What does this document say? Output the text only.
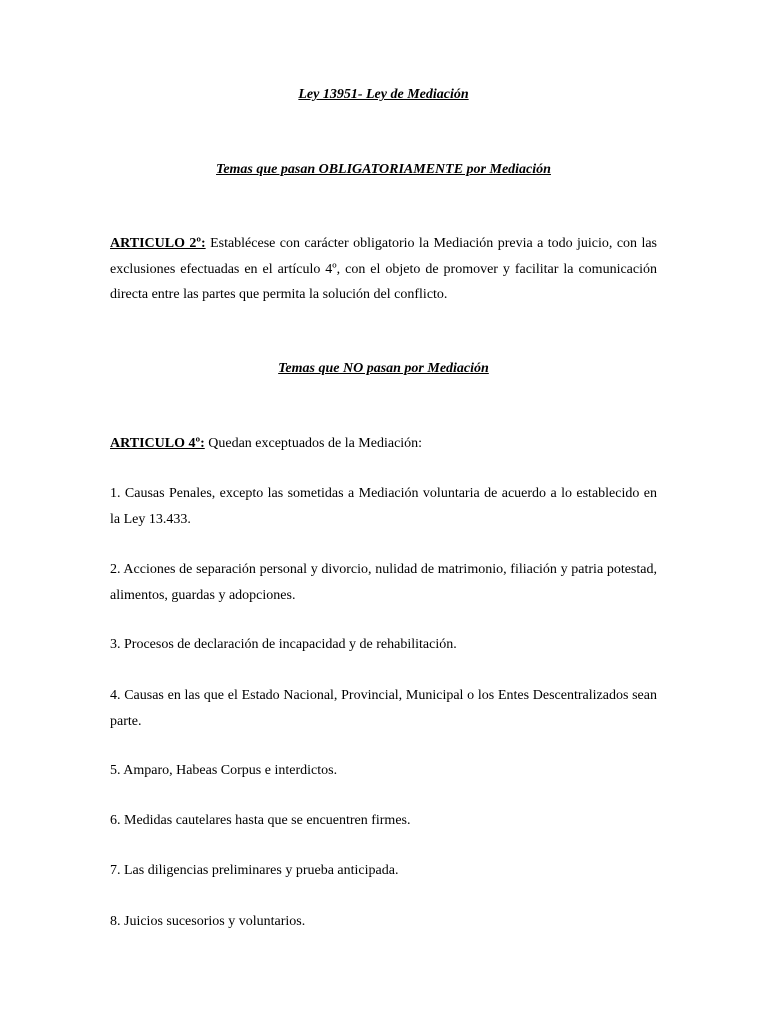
Ley 13951- Ley de Mediación

Temas que pasan OBLIGATORIAMENTE por Mediación

ARTICULO 2º: Establécese con carácter obligatorio la Mediación previa a todo juicio, con las exclusiones efectuadas en el artículo 4º, con el objeto de promover y facilitar la comunicación directa entre las partes que permita la solución del conflicto.

Temas que NO pasan por Mediación

ARTICULO 4º: Quedan exceptuados de la Mediación:

1. Causas Penales, excepto las sometidas a Mediación voluntaria de acuerdo a lo establecido en la Ley 13.433.

2. Acciones de separación personal y divorcio, nulidad de matrimonio, filiación y patria potestad, alimentos, guardas y adopciones.

3. Procesos de declaración de incapacidad y de rehabilitación.

4. Causas en las que el Estado Nacional, Provincial, Municipal o los Entes Descentralizados sean parte.

5. Amparo, Habeas Corpus e interdictos.

6. Medidas cautelares hasta que se encuentren firmes.

7. Las diligencias preliminares y prueba anticipada.

8. Juicios sucesorios y voluntarios.
